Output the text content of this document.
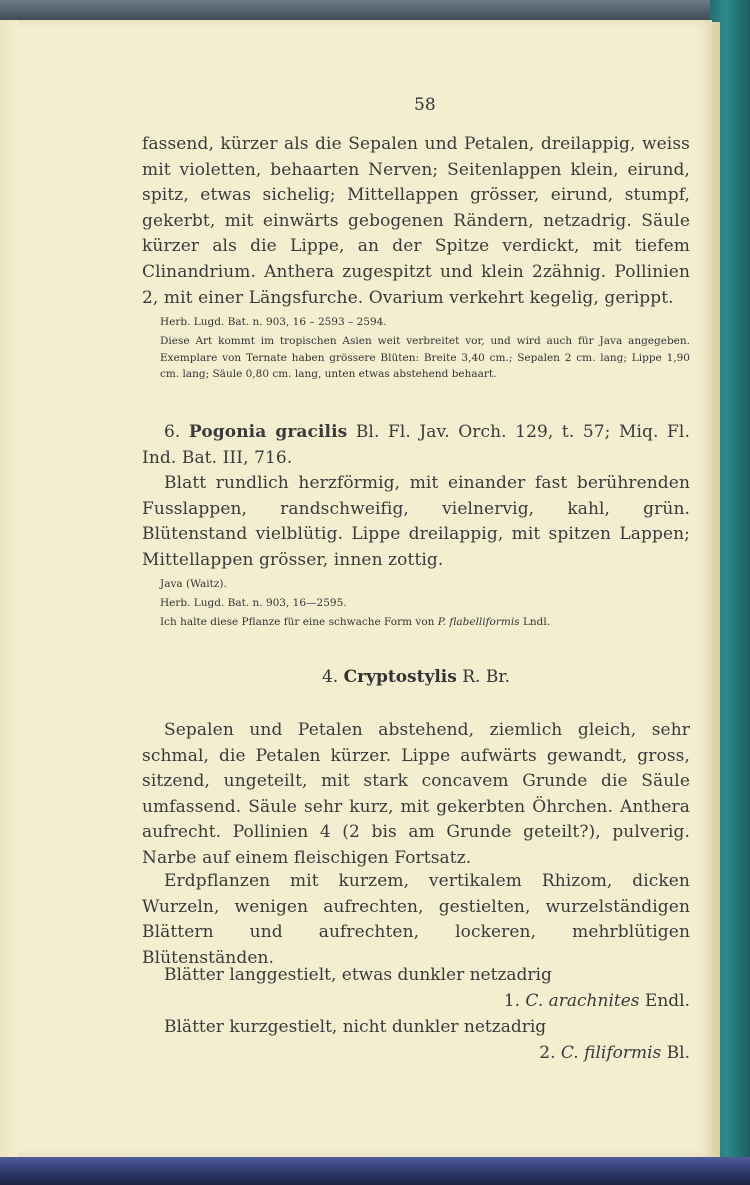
58

fassend, kürzer als die Sepalen und Petalen, dreilappig, weiss mit violetten, behaarten Nerven; Seitenlappen klein, eirund, spitz, etwas sichelig; Mittellappen grösser, eirund, stumpf, gekerbt, mit einwärts gebogenen Rändern, netzadrig. Säule kürzer als die Lippe, an der Spitze verdickt, mit tiefem Clinandrium. Anthera zugespitzt und klein 2zähnig. Pollinien 2, mit einer Längsfurche. Ovarium verkehrt kegelig, gerippt.

Herb. Lugd. Bat. n. 903, 16 – 2593 – 2594.

Diese Art kommt im tropischen Asien weit verbreitet vor, und wird auch für Java angegeben. Exemplare von Ternate haben grössere Blüten: Breite 3,40 cm.; Sepalen 2 cm. lang; Lippe 1,90 cm. lang; Säule 0,80 cm. lang, unten etwas abstehend behaart.

6. Pogonia gracilis Bl. Fl. Jav. Orch. 129, t. 57; Miq. Fl. Ind. Bat. III, 716.

Blatt rundlich herzförmig, mit einander fast berührenden Fusslappen, randschweifig, vielnervig, kahl, grün. Blütenstand vielblütig. Lippe dreilappig, mit spitzen Lappen; Mittellappen grösser, innen zottig.

Java (Waitz).

Herb. Lugd. Bat. n. 903, 16—2595.

Ich halte diese Pflanze für eine schwache Form von P. flabelliformis Lndl.

4. Cryptostylis R. Br.

Sepalen und Petalen abstehend, ziemlich gleich, sehr schmal, die Petalen kürzer. Lippe aufwärts gewandt, gross, sitzend, ungeteilt, mit stark concavem Grunde die Säule umfassend. Säule sehr kurz, mit gekerbten Öhrchen. Anthera aufrecht. Pollinien 4 (2 bis am Grunde geteilt?), pulverig. Narbe auf einem fleischigen Fortsatz.

Erdpflanzen mit kurzem, vertikalem Rhizom, dicken Wurzeln, wenigen aufrechten, gestielten, wurzelständigen Blättern und aufrechten, lockeren, mehrblütigen Blütenständen.

Blätter langgestielt, etwas dunkler netzadrig
1. C. arachnites Endl.
Blätter kurzgestielt, nicht dunkler netzadrig
2. C. filiformis Bl.
